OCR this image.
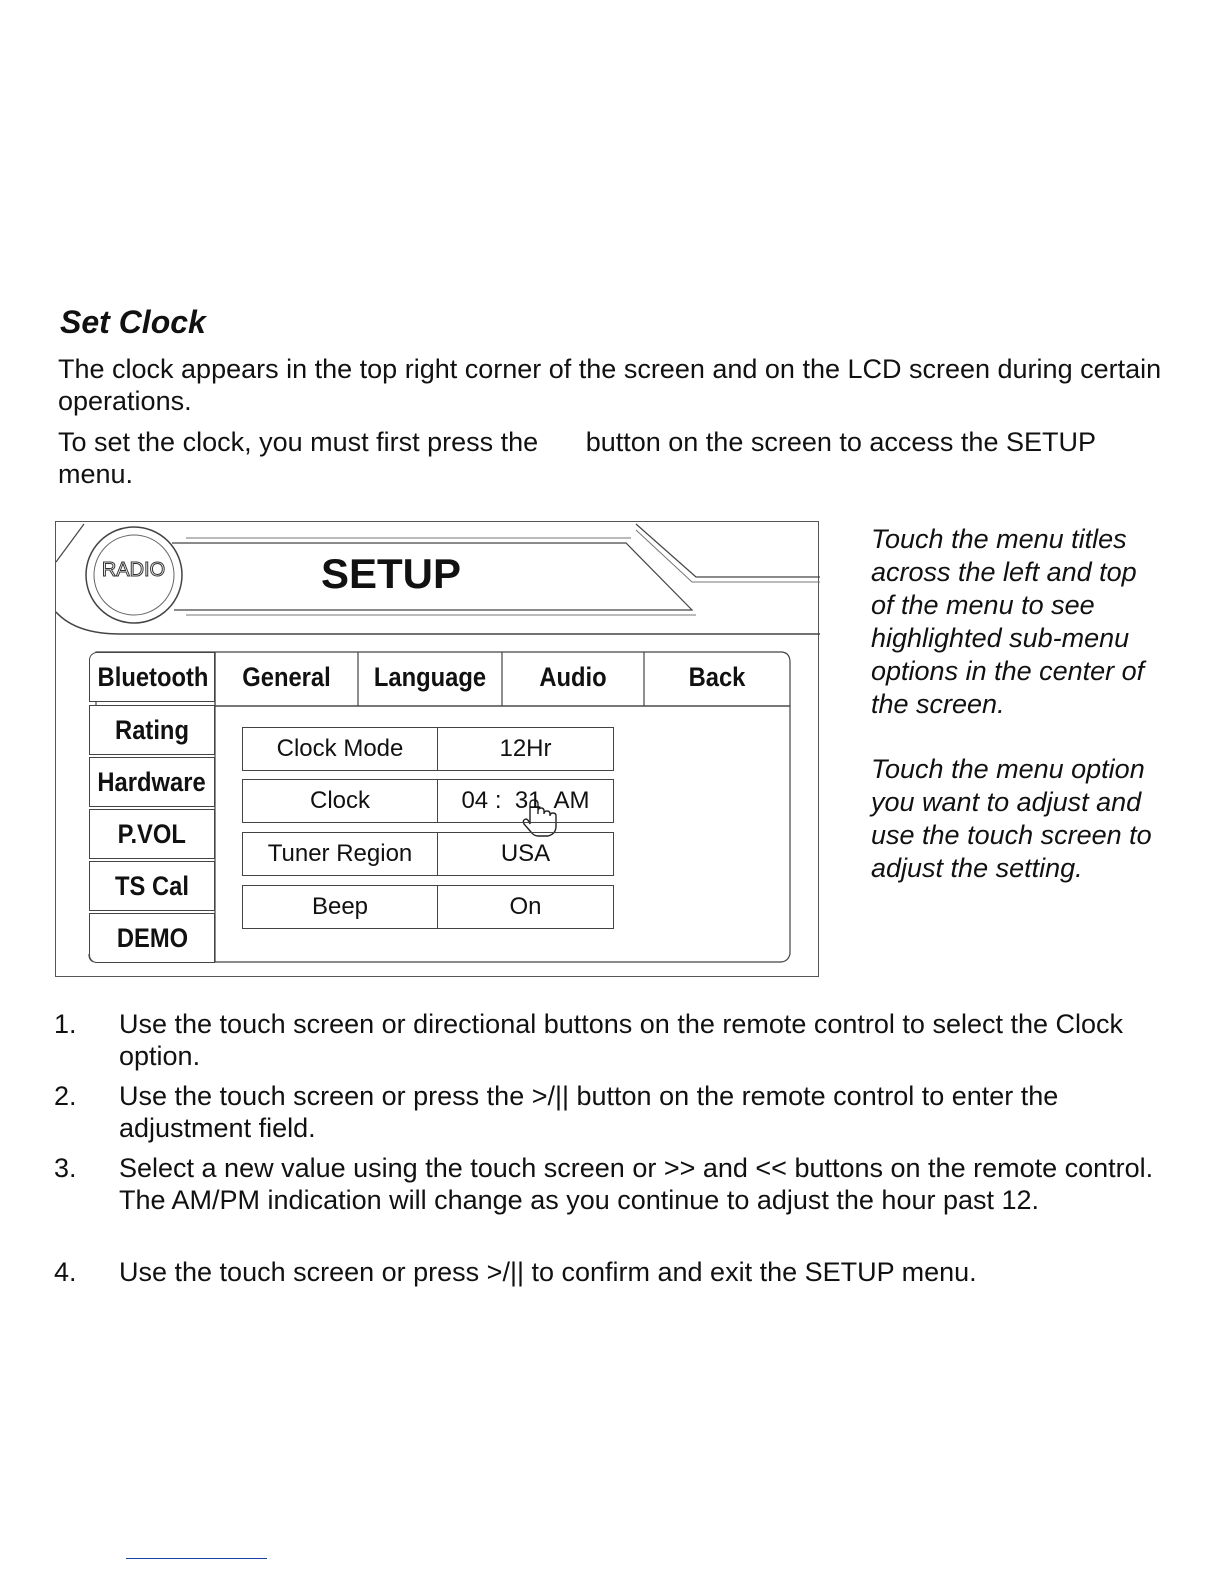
Set Clock

The clock appears in the top right corner of the screen and on the LCD screen during certain operations.

To set the clock, you must first press the button on the screen to access the SETUP menu.

RADIO	SETUP
General	Language	Audio	Back
Bluetooth
Rating
Hardware
P.VOL
TS Cal
DEMO
Clock Mode	12Hr
Clock	04 :  31  AM
Tuner Region	USA
Beep	On

Touch the menu titles across the left and top of the menu to see highlighted sub-menu options in the center of the screen.

Touch the menu option you want to adjust and use the touch screen to adjust the setting.

1. Use the touch screen or directional buttons on the remote control to select the Clock option.
2. Use the touch screen or press the >/|| button on the remote control to enter the adjustment field.
3. Select a new value using the touch screen or >> and << buttons on the remote control. The AM/PM indication will change as you continue to adjust the hour past 12.
4. Use the touch screen or press >/|| to confirm and exit the SETUP menu.
